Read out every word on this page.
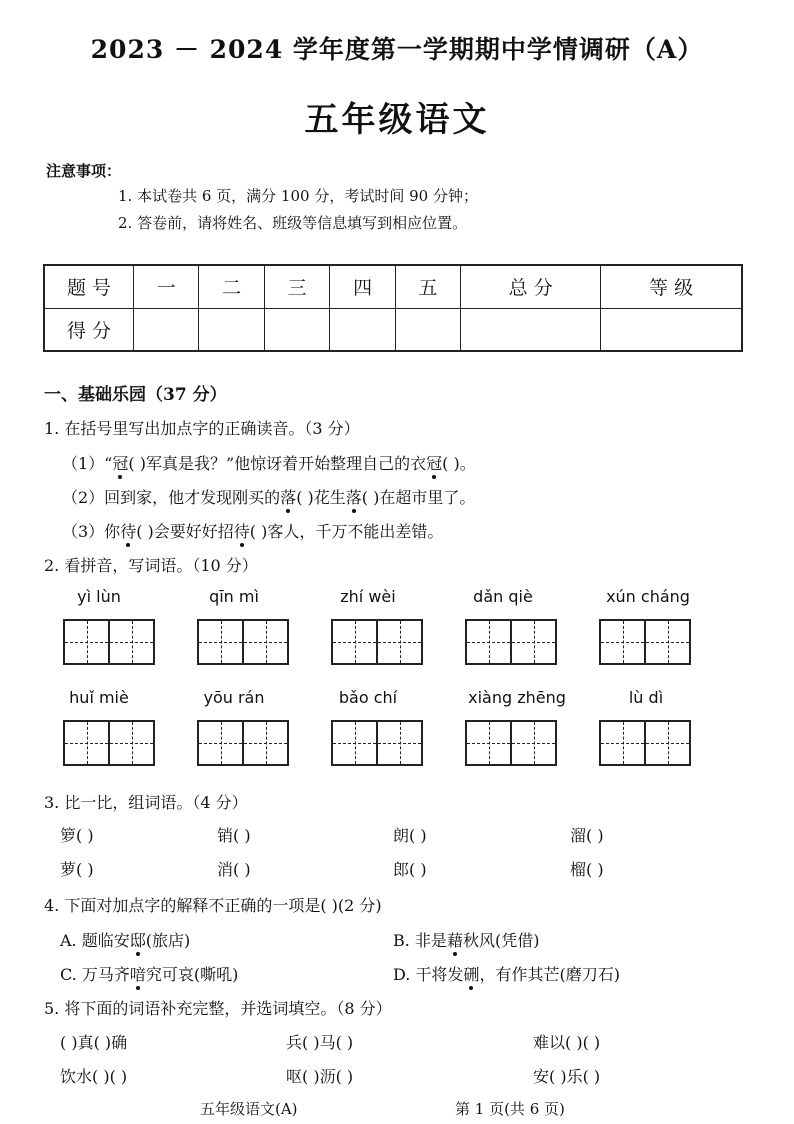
2023 － 2024 学年度第一学期期中学情调研（A）
五年级语文
注意事项：
1. 本试卷共 6 页，满分 100 分，考试时间 90 分钟；
2. 答卷前，请将姓名、班级等信息填写到相应位置。
题 号	一	二	三	四	五	总 分	等 级
得 分							
一、基础乐园（37 分）
1. 在括号里写出加点字的正确读音。（3 分）
（1）“冠( )军真是我？”他惊讶着开始整理自己的衣冠( )。
（2）回到家，他才发现刚买的落( )花生落( )在超市里了。
（3）你待( )会要好好招待( )客人，千万不能出差错。
2. 看拼音，写词语。（10 分）
yì lùn	qīn mì	zhí wèi	dǎn qiè	xún cháng
huǐ miè	yōu rán	bǎo chí	xiàng zhēng	lù dì
3. 比一比，组词语。（4 分）
箩( )	销( )	朗( )	溜( )
萝( )	消( )	郎( )	榴( )
4. 下面对加点字的解释不正确的一项是( )(2 分)
A. 题临安邸(旅店)	B. 非是藉秋风(凭借)
C. 万马齐喑究可哀(嘶吼)	D. 干将发硎，有作其芒(磨刀石)
5. 将下面的词语补充完整，并选词填空。（8 分）
( )真( )确	兵( )马( )	难以( )( )
饮水( )( )	呕( )沥( )	安( )乐( )
五年级语文(A)	第 1 页(共 6 页)
